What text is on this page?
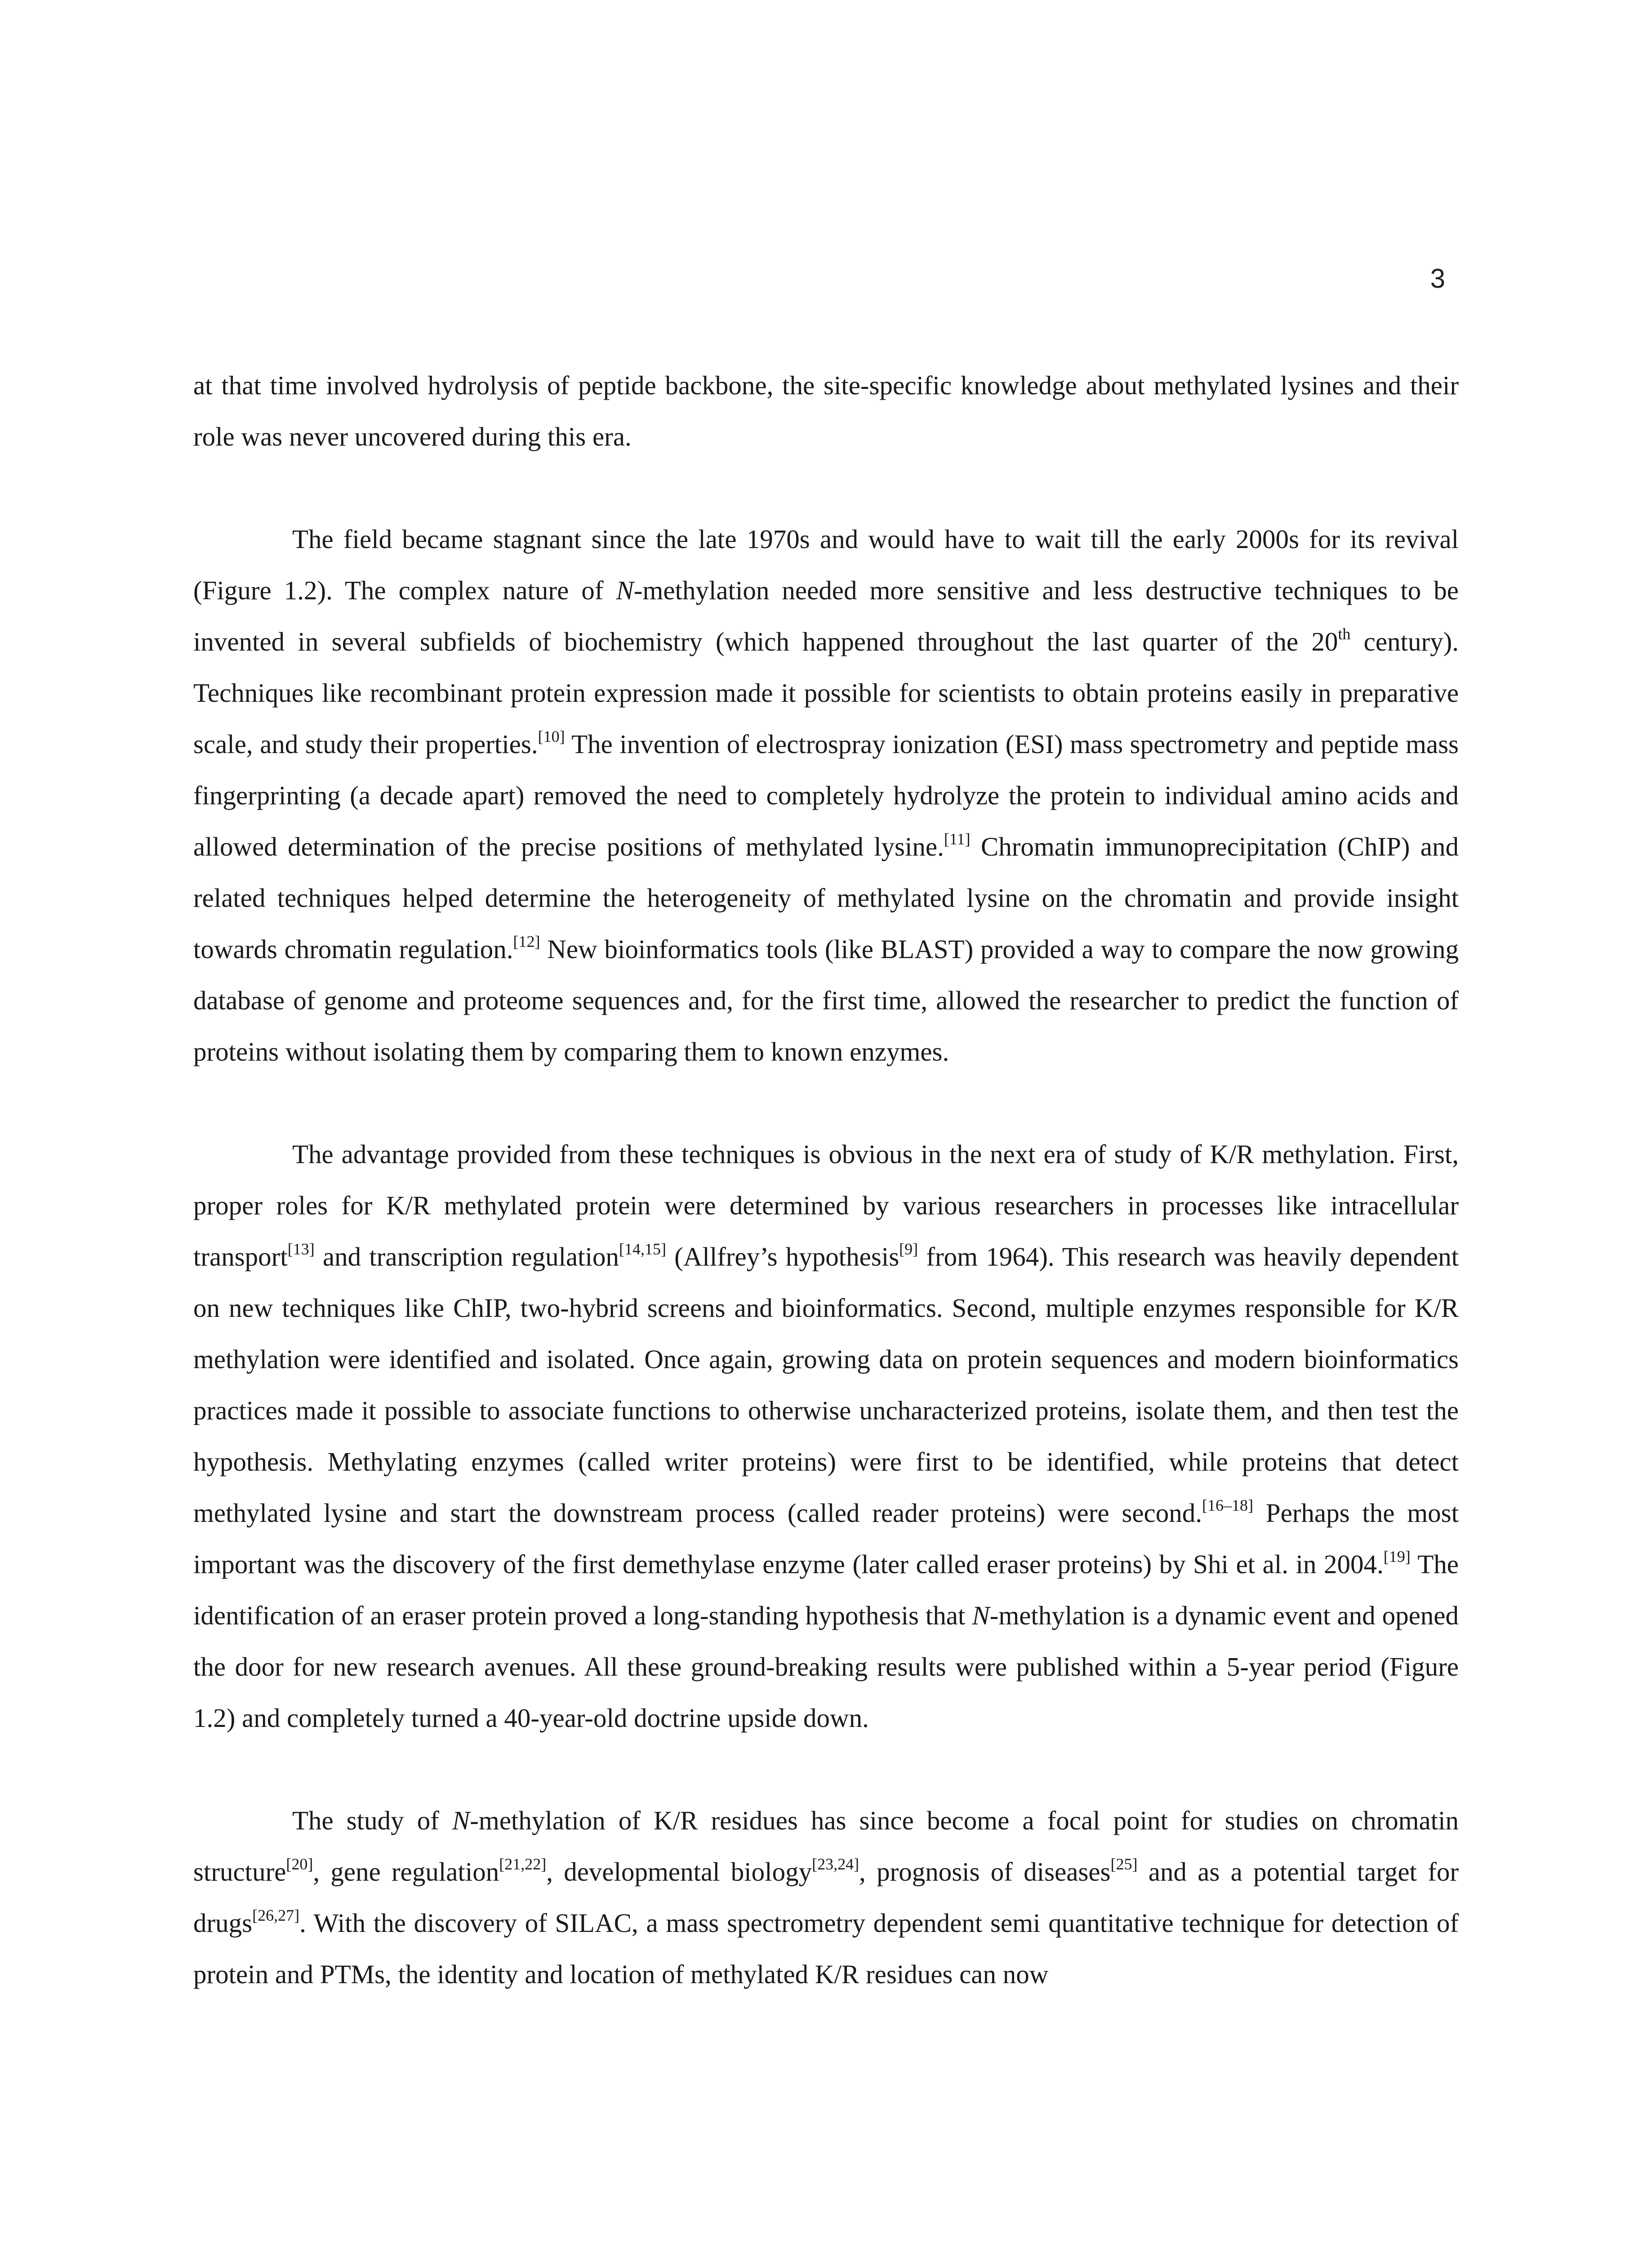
3

at that time involved hydrolysis of peptide backbone, the site-specific knowledge about methylated lysines and their role was never uncovered during this era.

The field became stagnant since the late 1970s and would have to wait till the early 2000s for its revival (Figure 1.2). The complex nature of N-methylation needed more sensitive and less destructive techniques to be invented in several subfields of biochemistry (which happened throughout the last quarter of the 20th century). Techniques like recombinant protein expression made it possible for scientists to obtain proteins easily in preparative scale, and study their properties.[10] The invention of electrospray ionization (ESI) mass spectrometry and peptide mass fingerprinting (a decade apart) removed the need to completely hydrolyze the protein to individual amino acids and allowed determination of the precise positions of methylated lysine.[11] Chromatin immunoprecipitation (ChIP) and related techniques helped determine the heterogeneity of methylated lysine on the chromatin and provide insight towards chromatin regulation.[12] New bioinformatics tools (like BLAST) provided a way to compare the now growing database of genome and proteome sequences and, for the first time, allowed the researcher to predict the function of proteins without isolating them by comparing them to known enzymes.

The advantage provided from these techniques is obvious in the next era of study of K/R methylation. First, proper roles for K/R methylated protein were determined by various researchers in processes like intracellular transport[13] and transcription regulation[14,15] (Allfrey’s hypothesis[9] from 1964). This research was heavily dependent on new techniques like ChIP, two-hybrid screens and bioinformatics. Second, multiple enzymes responsible for K/R methylation were identified and isolated. Once again, growing data on protein sequences and modern bioinformatics practices made it possible to associate functions to otherwise uncharacterized proteins, isolate them, and then test the hypothesis. Methylating enzymes (called writer proteins) were first to be identified, while proteins that detect methylated lysine and start the downstream process (called reader proteins) were second.[16–18] Perhaps the most important was the discovery of the first demethylase enzyme (later called eraser proteins) by Shi et al. in 2004.[19] The identification of an eraser protein proved a long-standing hypothesis that N-methylation is a dynamic event and opened the door for new research avenues. All these ground-breaking results were published within a 5-year period (Figure 1.2) and completely turned a 40-year-old doctrine upside down.

The study of N-methylation of K/R residues has since become a focal point for studies on chromatin structure[20], gene regulation[21,22], developmental biology[23,24], prognosis of diseases[25] and as a potential target for drugs[26,27]. With the discovery of SILAC, a mass spectrometry dependent semi quantitative technique for detection of protein and PTMs, the identity and location of methylated K/R residues can now
